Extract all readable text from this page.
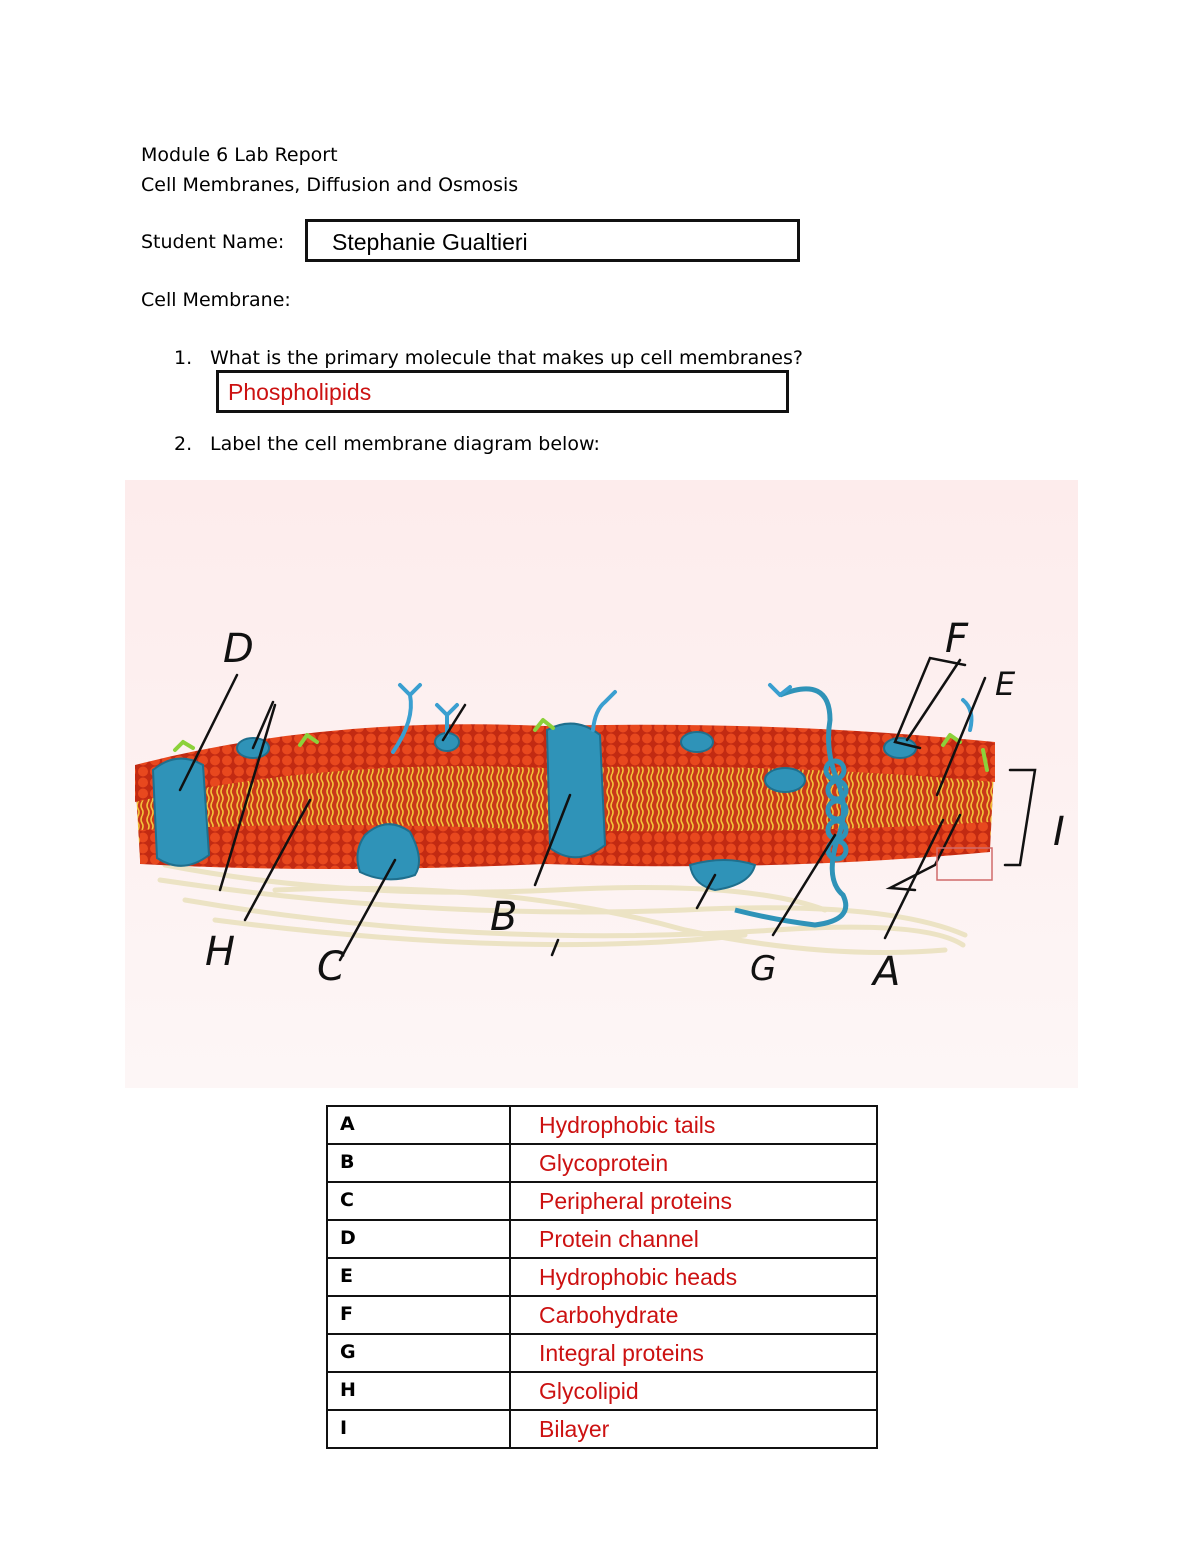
Module 6 Lab Report

Cell Membranes, Diffusion and Osmosis

Student Name: Stephanie Gualtieri

Cell Membrane:

1. What is the primary molecule that makes up cell membranes?

Phospholipids

2. Label the cell membrane diagram below:

D	F
E
I
H C
B
G A
A	Hydrophobic tails
B	Glycoprotein
C	Peripheral proteins
D	Protein channel
E	Hydrophobic heads
F	Carbohydrate
G	Integral proteins
H	Glycolipid
I	Bilayer
